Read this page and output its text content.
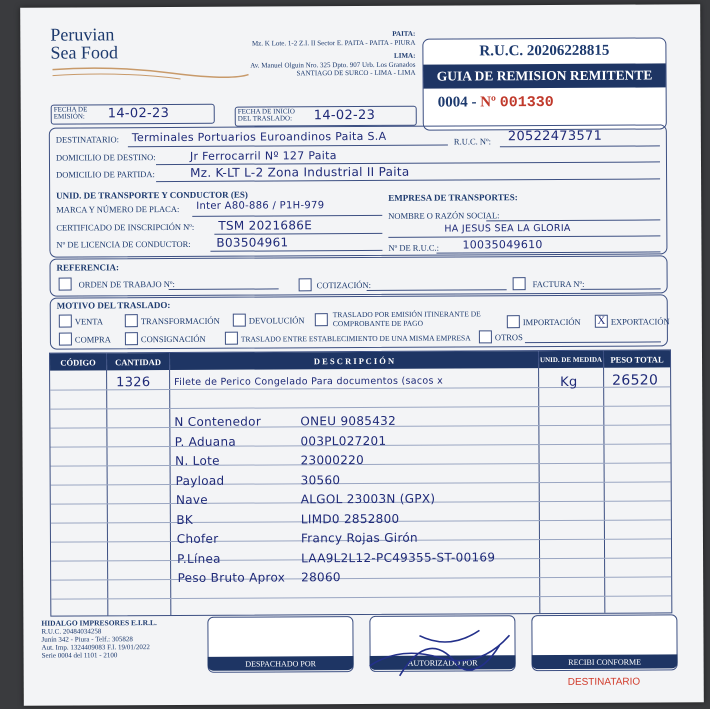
Peruvian
Sea Food
PAITA:
Mz. K Lote. 1-2 Z.I. II Sector E. PAITA - PAITA - PIURA
LIMA:
Av. Manuel Olguin Nro. 325 Dpto. 907 Urb. Los Granados
SANTIAGO DE SURCO - LIMA - LIMA
R.U.C. 20206228815
GUIA DE REMISION REMITENTE
0004 - Nº 001330
FECHA DE EMISIÓN:	14-02-23	FECHA DE INICIO DEL TRASLADO:	14-02-23
DESTINATARIO: Terminales Portuarios Euroandinos Paita S.A	R.U.C. Nº: 20522473571
DOMICILIO DE DESTINO:	Jr Ferrocarril Nº 127 Paita
DOMICILIO DE PARTIDA:	Mz. K-LT L-2 Zona Industrial II Paita
UNID. DE TRANSPORTE Y CONDUCTOR (ES)
MARCA Y NÚMERO DE PLACA: Inter A80-886 / P1H-979
CERTIFICADO DE INSCRIPCIÓN Nº: TSM 2021686E
Nº DE LICENCIA DE CONDUCTOR: B03504961
EMPRESA DE TRANSPORTES:
NOMBRE O RAZÓN SOCIAL:
HA JESUS SEA LA GLORIA
Nº DE R.U.C.: 10035049610
REFERENCIA:
ORDEN DE TRABAJO Nº:	COTIZACIÓN:	FACTURA Nº:
MOTIVO DEL TRASLADO:
VENTA	TRANSFORMACIÓN	DEVOLUCIÓN
TRASLADO POR EMISIÓN ITINERANTE DE
COMPROBANTE DE PAGO	IMPORTACIÓN X EXPORTACIÓN
COMPRA	CONSIGNACIÓN	TRASLADO ENTRE ESTABLECIMIENTO DE UNA MISMA EMPRESA	OTROS
CÓDIGO	CANTIDAD	D E S C R I P C I Ó N	UNID. DE MEDIDA PESO TOTAL
1326 Filete de Perico Congelado Para documentos (sacos x	Kg 26520
N Contenedor	ONEU 9085432
P. Aduana	003PL027201
N. Lote	23000220
Payload	30560
Nave	ALGOL 23003N (GPX)
BK	LIMD0 2852800
Chofer	Francy Rojas Girón
P.Línea	LAA9L2L12-PC49355-ST-00169
Peso Bruto Aprox 28060
HIDALGO IMPRESORES E.I.R.L.
R.U.C. 20484034258
Junín 342 - Piura - Telf.: 305828
Aut. Imp. 1324409083 F.I. 19/01/2022
Serie 0004 del 1101 - 2100
DESPACHADO POR	AUTORIZADO POR	RECIBI CONFORME
DESTINATARIO
